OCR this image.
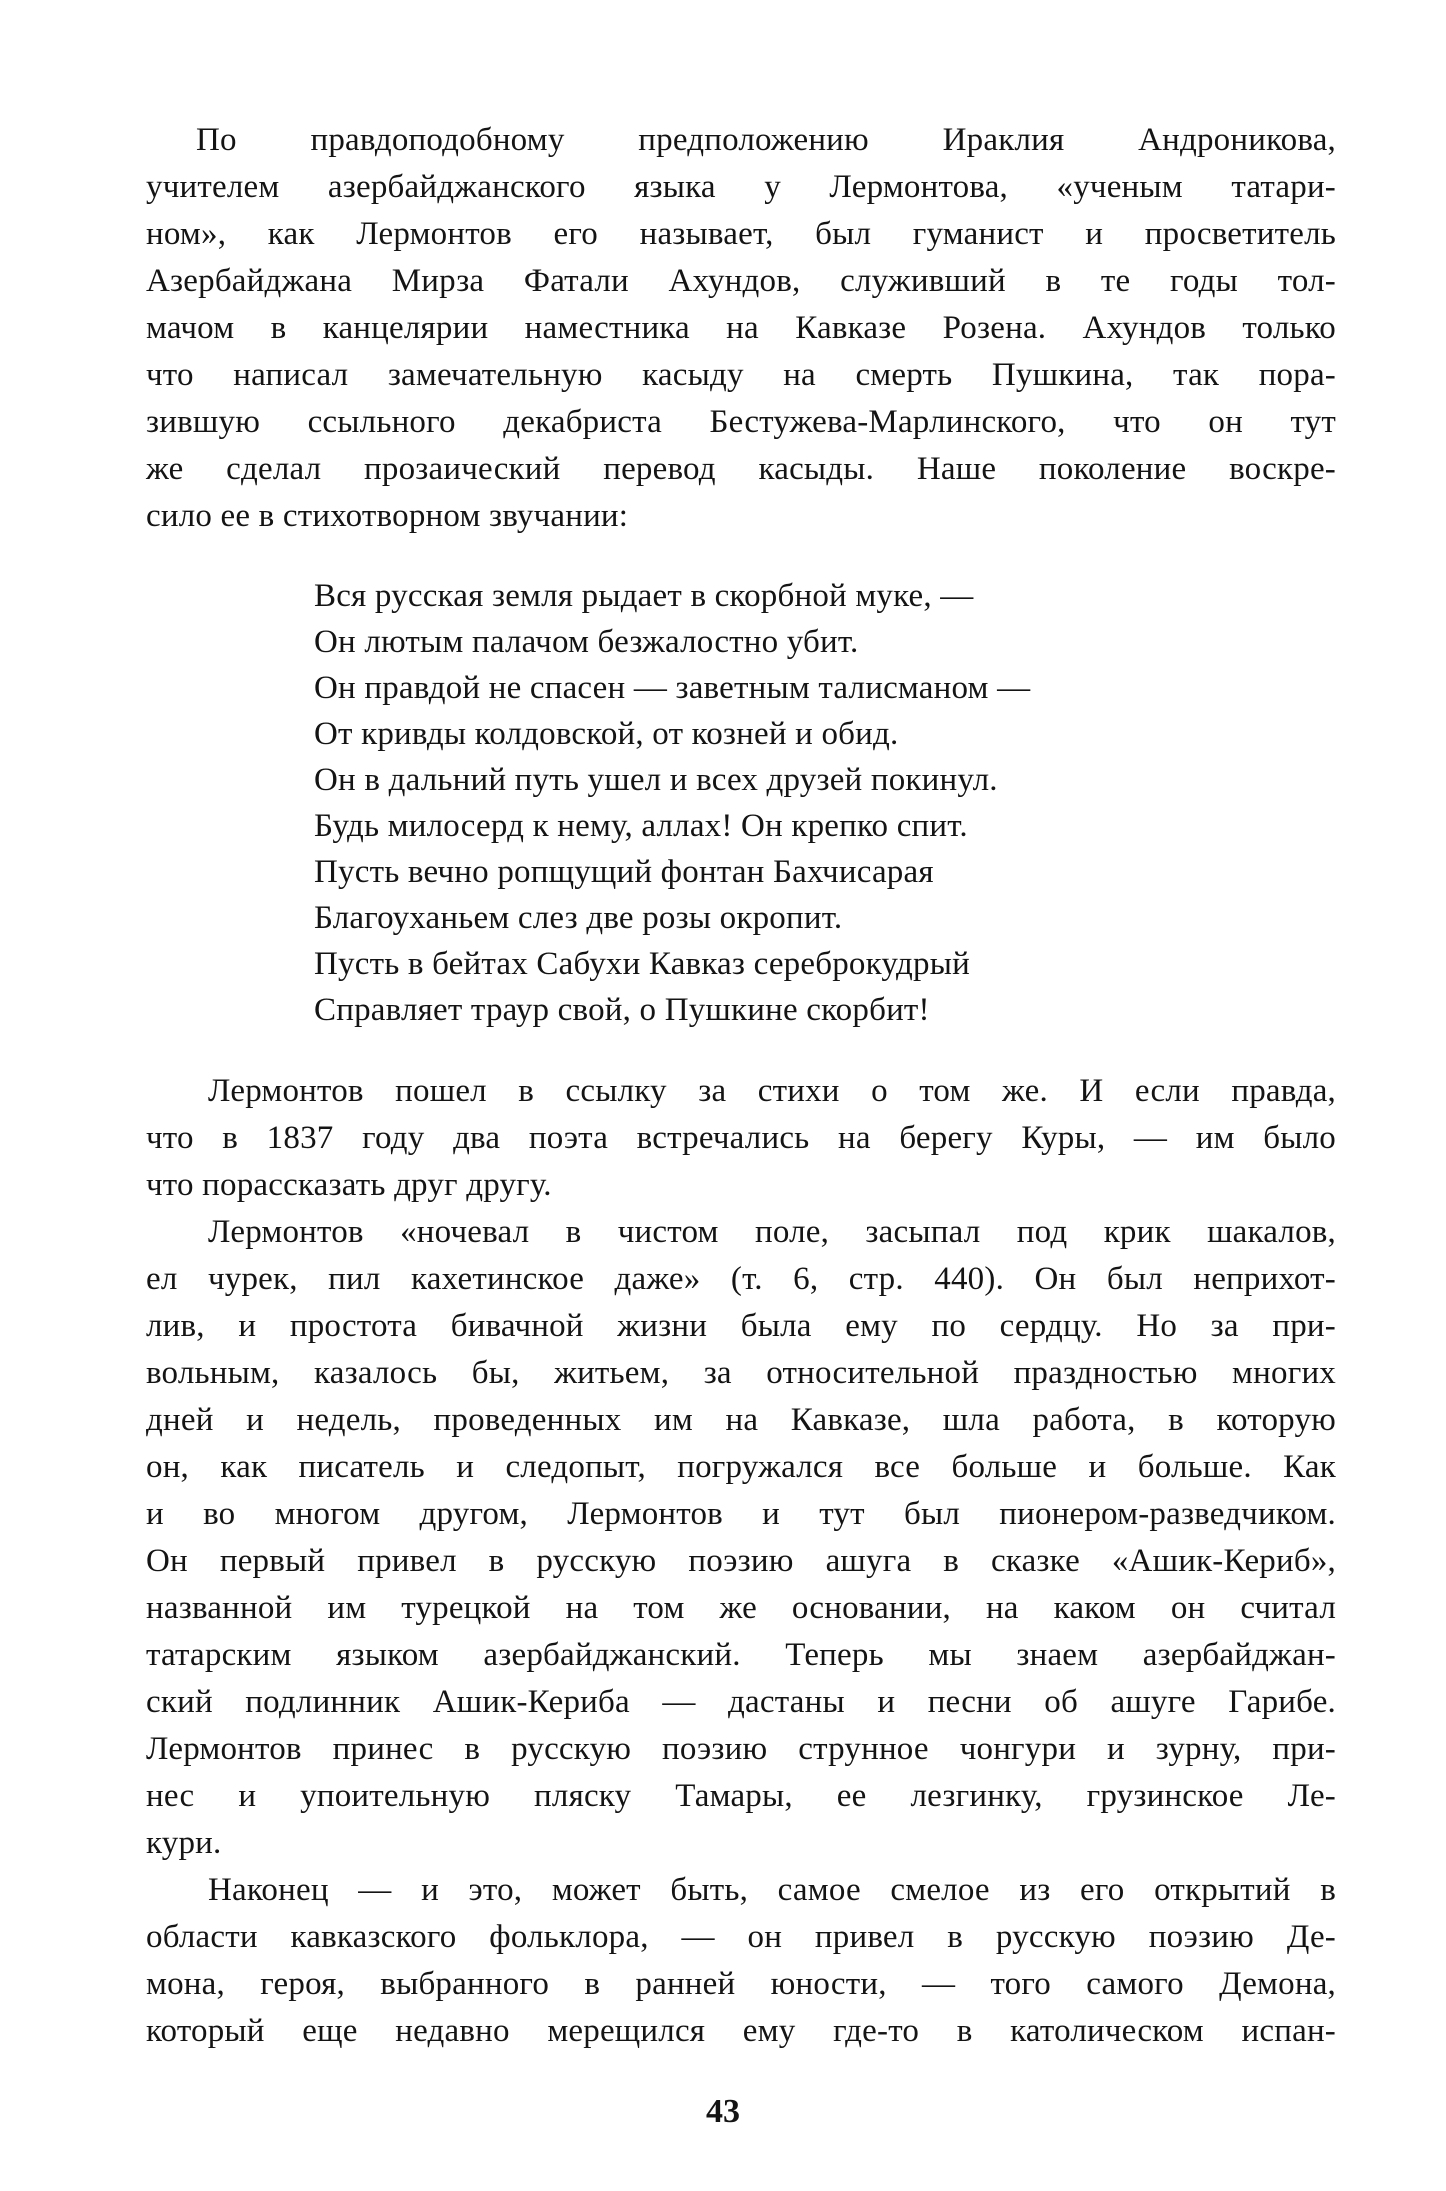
По правдоподобному предположению Ираклия Андроникова,
учителем азербайджанского языка у Лермонтова, «ученым татари-
ном», как Лермонтов его называет, был гуманист и просветитель
Азербайджана Мирза Фатали Ахундов, служивший в те годы тол-
мачом в канцелярии наместника на Кавказе Розена. Ахундов только
что написал замечательную касыду на смерть Пушкина, так пора-
зившую ссыльного декабриста Бестужева-Марлинского, что он тут
же сделал прозаический перевод касыды. Наше поколение воскре-
сило ее в стихотворном звучании:
Вся русская земля рыдает в скорбной муке, —
Он лютым палачом безжалостно убит.
Он правдой не спасен — заветным талисманом —
От кривды колдовской, от козней и обид.
Он в дальний путь ушел и всех друзей покинул.
Будь милосерд к нему, аллах! Он крепко спит.
Пусть вечно ропщущий фонтан Бахчисарая
Благоуханьем слез две розы окропит.
Пусть в бейтах Сабухи Кавказ сереброкудрый
Справляет траур свой, о Пушкине скорбит!
Лермонтов пошел в ссылку за стихи о том же. И если правда,
что в 1837 году два поэта встречались на берегу Куры, — им было
что порассказать друг другу.
Лермонтов «ночевал в чистом поле, засыпал под крик шакалов,
ел чурек, пил кахетинское даже» (т. 6, стр. 440). Он был неприхот-
лив, и простота бивачной жизни была ему по сердцу. Но за при-
вольным, казалось бы, житьем, за относительной праздностью многих
дней и недель, проведенных им на Кавказе, шла работа, в которую
он, как писатель и следопыт, погружался все больше и больше. Как
и во многом другом, Лермонтов и тут был пионером-разведчиком.
Он первый привел в русскую поэзию ашуга в сказке «Ашик-Кериб»,
названной им турецкой на том же основании, на каком он считал
татарским языком азербайджанский. Теперь мы знаем азербайджан-
ский подлинник Ашик-Кериба — дастаны и песни об ашуге Гарибе.
Лермонтов принес в русскую поэзию струнное чонгури и зурну, при-
нес и упоительную пляску Тамары, ее лезгинку, грузинское Ле-
кури.
Наконец — и это, может быть, самое смелое из его открытий в
области кавказского фольклора, — он привел в русскую поэзию Де-
мона, героя, выбранного в ранней юности, — того самого Демона,
который еще недавно мерещился ему где-то в католическом испан-
43
